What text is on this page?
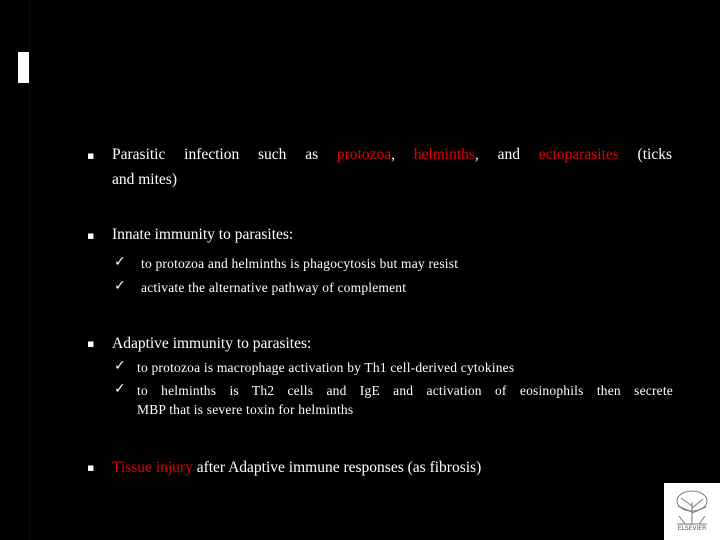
▪ Parasitic infection such as protozoa, helminths, and ectoparasites (ticks
and mites)
▪ Innate immunity to parasites:
✓ to protozoa and helminths is phagocytosis but may resist
✓ activate the alternative pathway of complement
▪ Adaptive immunity to parasites:
✓ to protozoa is macrophage activation by Th1 cell-derived cytokines
✓ to helminths is Th2 cells and IgE and activation of eosinophils then secrete
MBP that is severe toxin for helminths
▪ Tissue injury after Adaptive immune responses (as fibrosis)
ELSEVIER
